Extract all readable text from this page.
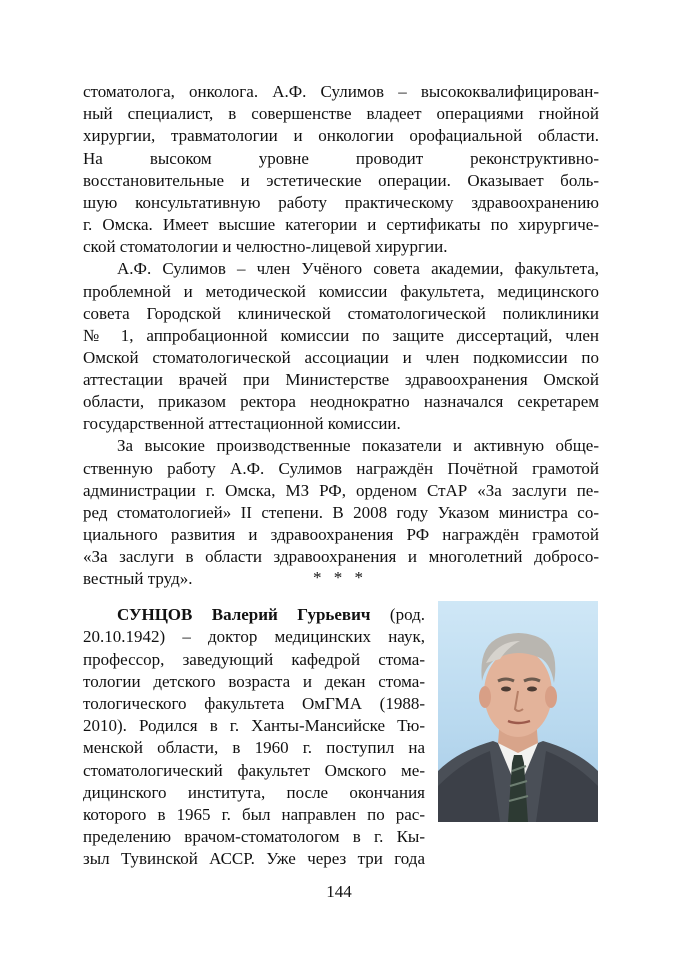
стоматолога, онколога. А.Ф. Сулимов – высококвалифицирован-
ный специалист, в совершенстве владеет операциями гнойной
хирургии, травматологии и онкологии орофациальной области.
На высоком уровне проводит реконструктивно-
восстановительные и эстетические операции. Оказывает боль-
шую консультативную работу практическому здравоохранению
г. Омска. Имеет высшие категории и сертификаты по хирургиче-
ской стоматологии и челюстно-лицевой хирургии.
А.Ф. Сулимов – член Учёного совета академии, факультета,
проблемной и методической комиссии факультета, медицинского
совета Городской клинической стоматологической поликлиники
№ 1, аппробационной комиссии по защите диссертаций, член
Омской стоматологической ассоциации и член подкомиссии по
аттестации врачей при Министерстве здравоохранения Омской
области, приказом ректора неоднократно назначался секретарем
государственной аттестационной комиссии.
За высокие производственные показатели и активную обще-
ственную работу А.Ф. Сулимов награждён Почётной грамотой
администрации г. Омска, МЗ РФ, орденом СтАР «За заслуги пе-
ред стоматологией» II степени. В 2008 году Указом министра со-
циального развития и здравоохранения РФ награждён грамотой
«За заслуги в области здравоохранения и многолетний добросо-
вестный труд».	* * *
СУНЦОВ Валерий Гурьевич (род.
20.10.1942) – доктор медицинских наук,
профессор, заведующий кафедрой стома-
тологии детского возраста и декан стома-
тологического факультета ОмГМА (1988-
2010). Родился в г. Ханты-Мансийске Тю-
менской области, в 1960 г. поступил на
стоматологический факультет Омского ме-
дицинского института, после окончания
которого в 1965 г. был направлен по рас-
пределению врачом-стоматологом в г. Кы-
зыл Тувинской АССР. Уже через три года
144
